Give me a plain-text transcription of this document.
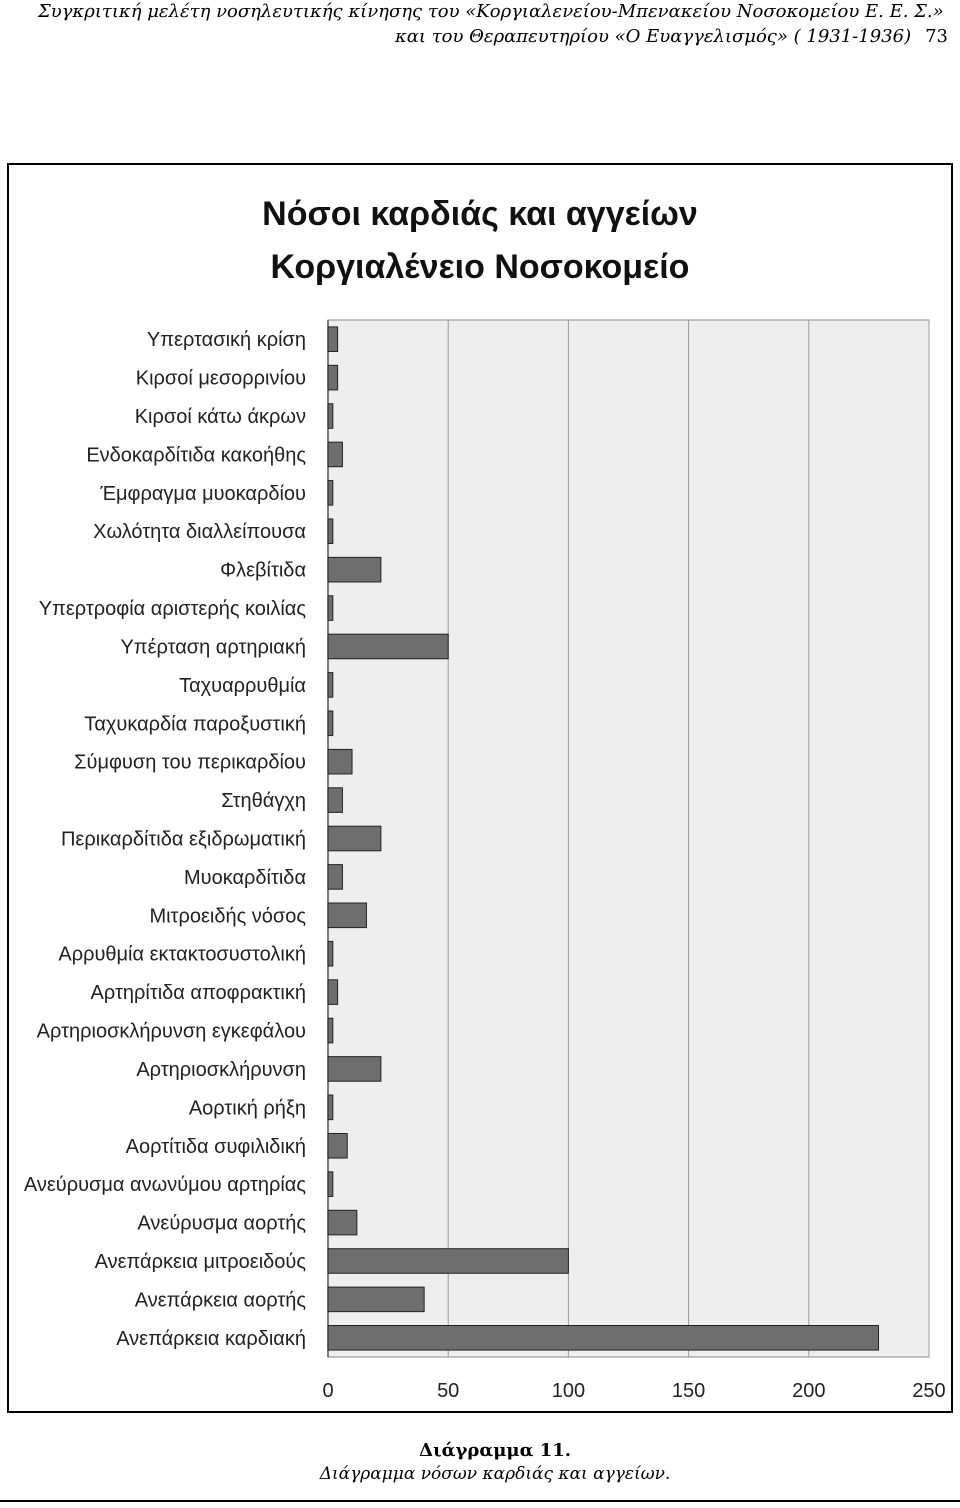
Συγκριτική μελέτη νοσηλευτικής κίνησης του «Κοργιαλενείου-Μπενακείου Νοσοκομείου Ε. Ε. Σ.»
και του Θεραπευτηρίου «Ο Ευαγγελισμός» ( 1931-1936) 73
Νόσοι καρδιάς και αγγείων
Κοργιαλένειο Νοσοκομείο
0	50	100	150	200	250
Υπερτασική κρίση
Κιρσοί μεσορρινίου
Κιρσοί κάτω άκρων
Ενδοκαρδίτιδα κακοήθης
Έμφραγμα μυοκαρδίου
Χωλότητα διαλλείπουσα
Φλεβίτιδα
Υπερτροφία αριστερής κοιλίας
Υπέρταση αρτηριακή
Ταχυαρρυθμία
Ταχυκαρδία παροξυστική
Σύμφυση του περικαρδίου
Στηθάγχη
Περικαρδίτιδα εξιδρωματική
Μυοκαρδίτιδα
Μιτροειδής νόσος
Αρρυθμία εκτακτοσυστολική
Αρτηρίτιδα αποφρακτική
Αρτηριοσκλήρυνση εγκεφάλου
Αρτηριοσκλήρυνση
Αορτική ρήξη
Αορτίτιδα συφιλιδική
Ανεύρυσμα ανωνύμου αρτηρίας
Ανεύρυσμα αορτής
Ανεπάρκεια μιτροειδούς
Ανεπάρκεια αορτής
Ανεπάρκεια καρδιακή
Διάγραμμα 11.
Διάγραμμα νόσων καρδιάς και αγγείων.
